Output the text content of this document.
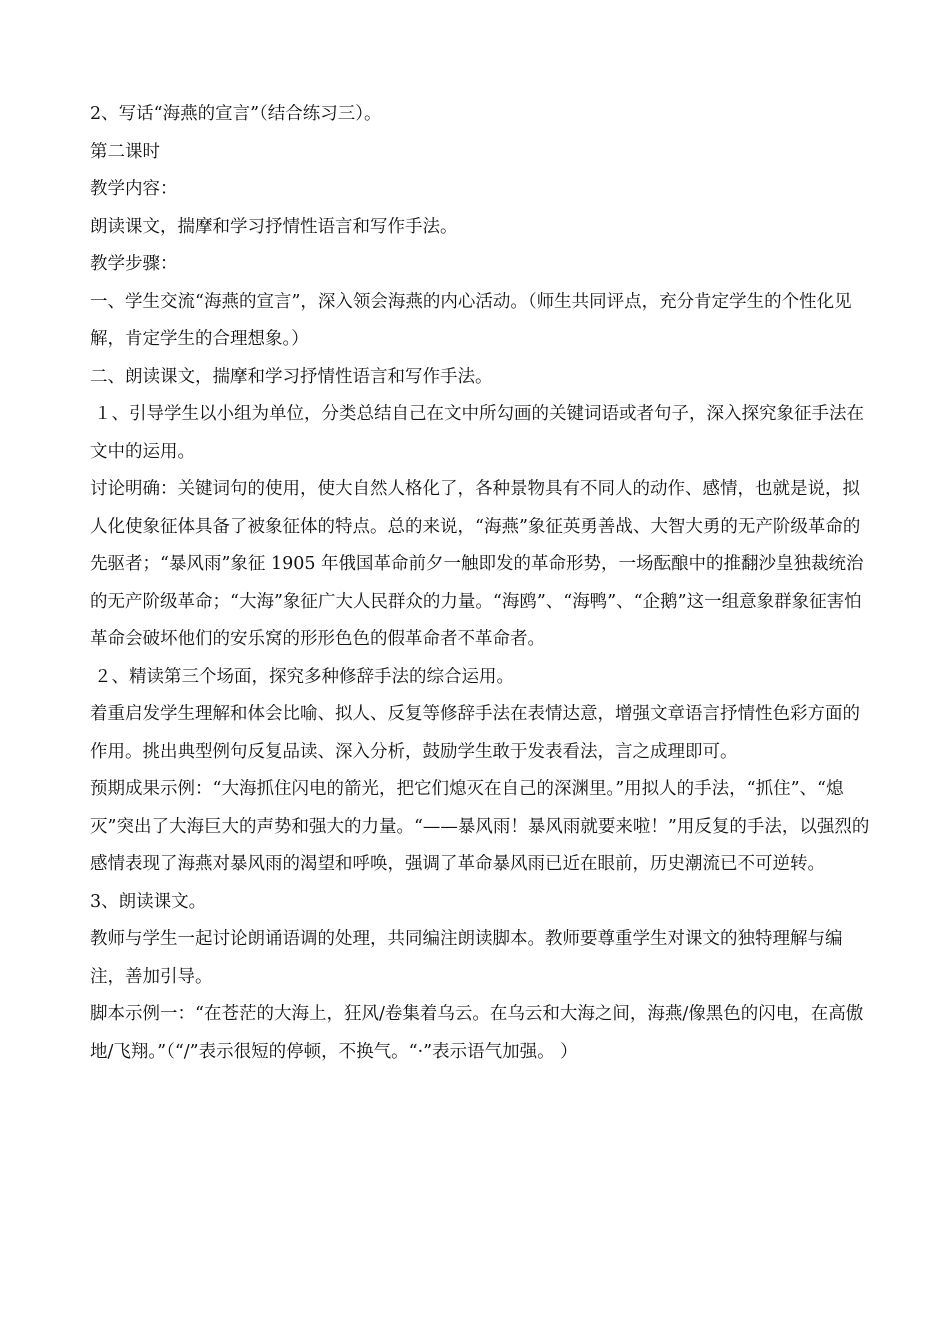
2、写话“海燕的宣言”（结合练习三）。

第二课时

教学内容：

朗读课文，揣摩和学习抒情性语言和写作手法。

教学步骤：

一、学生交流“海燕的宣言”，深入领会海燕的内心活动。（师生共同评点，充分肯定学生的个性化见解，肯定学生的合理想象。）

二、朗读课文，揣摩和学习抒情性语言和写作手法。

１、引导学生以小组为单位，分类总结自己在文中所勾画的关键词语或者句子，深入探究象征手法在文中的运用。

讨论明确：关键词句的使用，使大自然人格化了，各种景物具有不同人的动作、感情，也就是说，拟人化使象征体具备了被象征体的特点。总的来说，“海燕”象征英勇善战、大智大勇的无产阶级革命的先驱者；“暴风雨”象征 1905 年俄国革命前夕一触即发的革命形势，一场酝酿中的推翻沙皇独裁统治的无产阶级革命；“大海”象征广大人民群众的力量。“海鸥”、“海鸭”、“企鹅”这一组意象群象征害怕革命会破坏他们的安乐窝的形形色色的假革命者不革命者。

２、精读第三个场面，探究多种修辞手法的综合运用。

着重启发学生理解和体会比喻、拟人、反复等修辞手法在表情达意，增强文章语言抒情性色彩方面的作用。挑出典型例句反复品读、深入分析，鼓励学生敢于发表看法，言之成理即可。

预期成果示例：“大海抓住闪电的箭光，把它们熄灭在自己的深渊里。”用拟人的手法，“抓住”、“熄灭”突出了大海巨大的声势和强大的力量。“——暴风雨！暴风雨就要来啦！”用反复的手法，以强烈的感情表现了海燕对暴风雨的渴望和呼唤，强调了革命暴风雨已近在眼前，历史潮流已不可逆转。

3、朗读课文。

教师与学生一起讨论朗诵语调的处理，共同编注朗读脚本。教师要尊重学生对课文的独特理解与编注，善加引导。

脚本示例一：“在苍茫的大海上，狂风/卷集着乌云。在乌云和大海之间，海燕/像黑色的闪电，在高傲地/飞翔。”（“/”表示很短的停顿，不换气。“·”表示语气加强。 ）
